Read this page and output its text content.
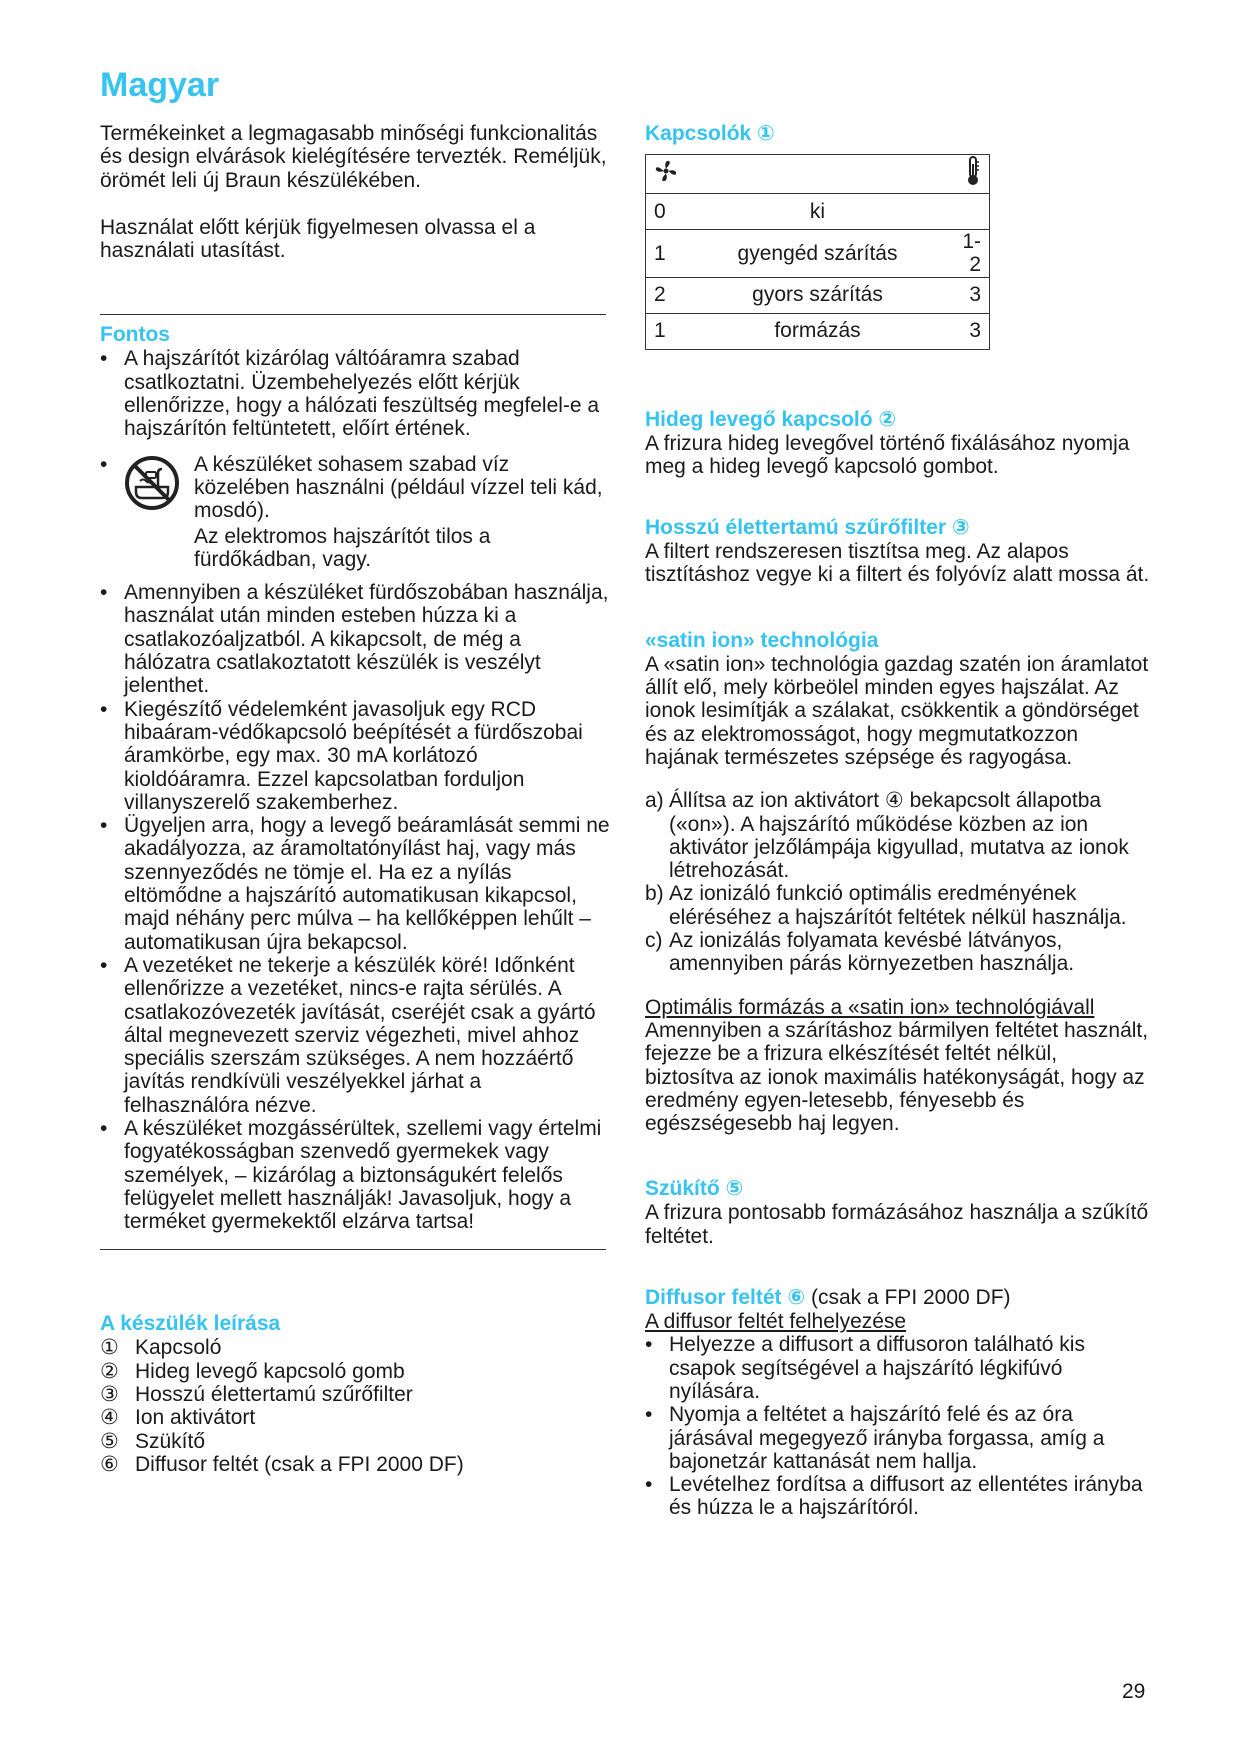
Magyar

Termékeinket a legmagasabb minőségi funkcionalitás és design elvárások kielégítésére tervezték. Reméljük, örömét leli új Braun készülékében.

Használat előtt kérjük figyelmesen olvassa el a használati utasítást.

Fontos

• A hajszárítót kizárólag váltóáramra szabad csatlkoztatni. Üzembehelyezés előtt kérjük ellenőrizze, hogy a hálózati feszültség megfelel-e a hajszárítón feltüntetett, előírt értének.
•	A készüléket sohasem szabad víz közelében használni (például vízzel teli kád, mosdó).
Az elektromos hajszárítót tilos a fürdőkádban, vagy.
• Amennyiben a készüléket fürdőszobában használja, használat után minden esteben húzza ki a csatlakozóaljzatból. A kikapcsolt, de még a hálózatra csatlakoztatott készülék is veszélyt jelenthet.
• Kiegészítő védelemként javasoljuk egy RCD hibaáram-védőkapcsoló beépítését a fürdőszobai áramkörbe, egy max. 30 mA korlátozó kioldóáramra. Ezzel kapcsolatban forduljon villanyszerelő szakemberhez.
• Ügyeljen arra, hogy a levegő beáramlását semmi ne akadályozza, az áramoltatónyílást haj, vagy más szennyeződés ne tömje el. Ha ez a nyílás eltömődne a hajszárító automatikusan kikapcsol, majd néhány perc múlva – ha kellőképpen lehűlt – automatikusan újra bekapcsol.
• A vezetéket ne tekerje a készülék köré! Időnként ellenőrizze a vezetéket, nincs-e rajta sérülés. A csatlakozóvezeték javítását, cseréjét csak a gyártó által megnevezett szerviz végezheti, mivel ahhoz speciális szerszám szükséges. A nem hozzáértő javítás rendkívüli veszélyekkel járhat a felhasználóra nézve.
• A készüléket mozgássérültek, szellemi vagy értelmi fogyatékosságban szenvedő gyermekek vagy személyek, – kizárólag a biztonságukért felelős felügyelet mellett használják! Javasoljuk, hogy a terméket gyermekektől elzárva tartsa!

A készülék leírása

① Kapcsoló
② Hideg levegő kapcsoló gomb
③ Hosszú élettertamú szűrőfilter
④ Ion aktivátort
⑤ Szükítő
⑥ Diffusor feltét (csak a FPI 2000 DF)

Kapcsolók ①

0	ki	
1	gyengéd szárítás	1-2
2	gyors szárítás	3
1	formázás	3

Hideg levegő kapcsoló ②

A frizura hideg levegővel történő fixálásához nyomja meg a hideg levegő kapcsoló gombot.

Hosszú élettertamú szűrőfilter ③

A filtert rendszeresen tisztítsa meg. Az alapos tisztításhoz vegye ki a filtert és folyóvíz alatt mossa át.

«satin ion» technológia

A «satin ion» technológia gazdag szatén ion áramlatot állít elő, mely körbeölel minden egyes hajszálat. Az ionok lesimítják a szálakat, csökkentik a göndörséget és az elektromosságot, hogy megmutatkozzon hajának természetes szépsége és ragyogása.

a) Állítsa az ion aktivátort ④ bekapcsolt állapotba («on»). A hajszárító működése közben az ion aktivátor jelzőlámpája kigyullad, mutatva az ionok létrehozását.
b) Az ionizáló funkció optimális eredményének eléréséhez a hajszárítót feltétek nélkül használja.
c) Az ionizálás folyamata kevésbé látványos, amennyiben párás környezetben használja.

Optimális formázás a «satin ion» technológiávall

Amennyiben a szárításhoz bármilyen feltétet használt, fejezze be a frizura elkészítését feltét nélkül, biztosítva az ionok maximális hatékonyságát, hogy az eredmény egyen-letesebb, fényesebb és egészségesebb haj legyen.

Szükítő ⑤

A frizura pontosabb formázásához használja a szűkítő feltétet.

Diffusor feltét ⑥ (csak a FPI 2000 DF)

A diffusor feltét felhelyezése

• Helyezze a diffusort a diffusoron található kis csapok segítségével a hajszárító légkifúvó nyílására.
• Nyomja a feltétet a hajszárító felé és az óra járásával megegyező irányba forgassa, amíg a bajonetzár kattanását nem hallja.
• Levételhez fordítsa a diffusort az ellentétes irányba és húzza le a hajszárítóról.
29
